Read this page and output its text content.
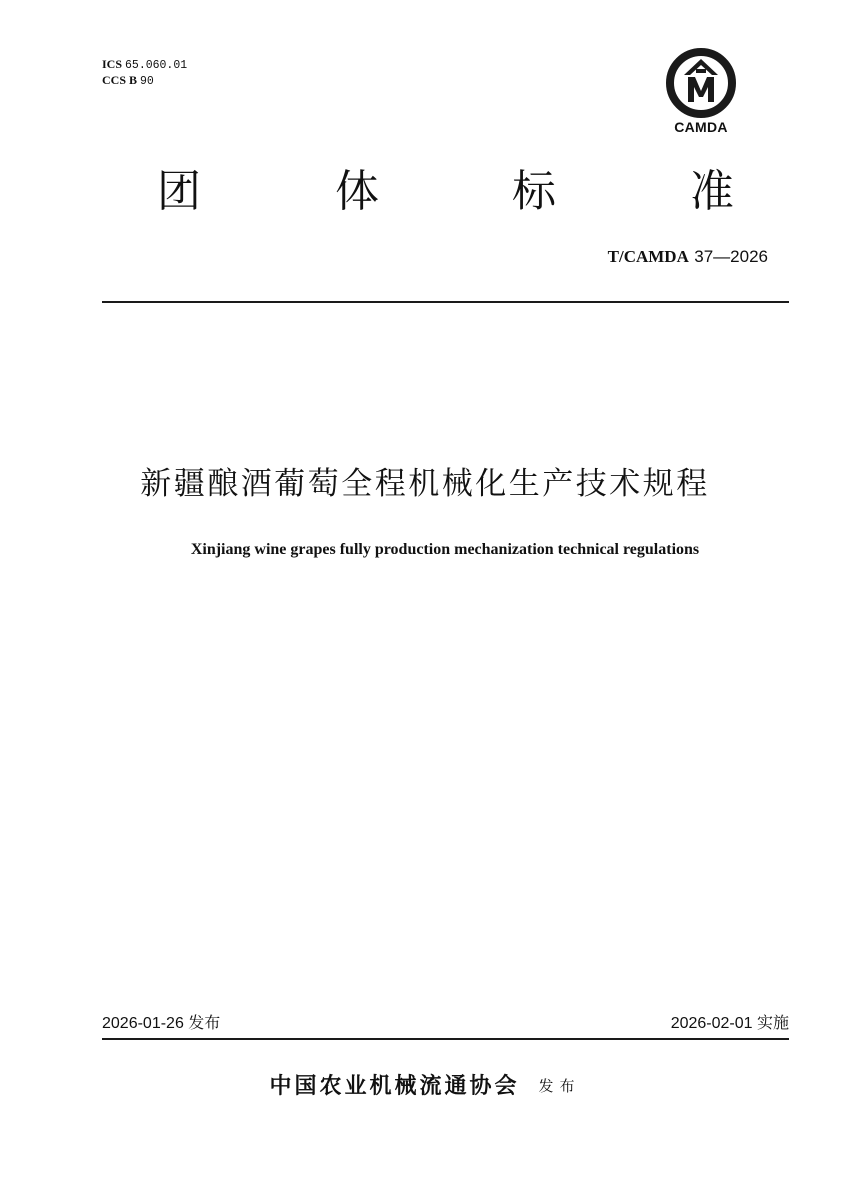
ICS 65.060.01
CCS B 90
CAMDA
团	体	标	准
T/CAMDA 37—2026
新疆酿酒葡萄全程机械化生产技术规程
Xinjiang wine grapes fully production mechanization technical regulations
2026-01-26 发布	2026-02-01 实施
中国农业机械流通协会 发布
